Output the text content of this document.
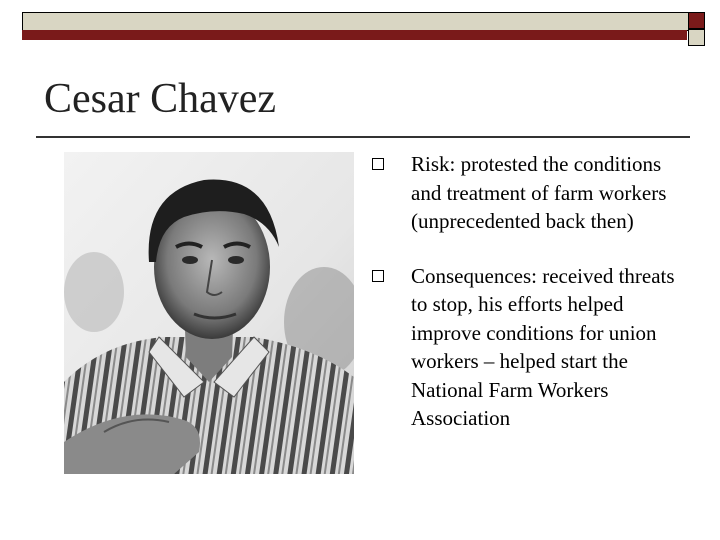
Cesar Chavez
Risk: protested the conditions and treatment of farm workers (unprecedented back then)
Consequences: received threats to stop, his efforts helped improve conditions for union workers – helped start the National Farm Workers Association
